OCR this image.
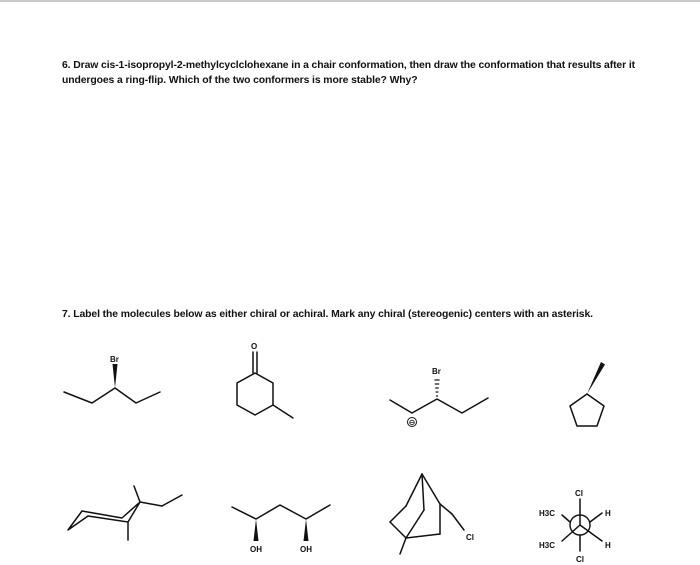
6. Draw cis-1-isopropyl-2-methylcyclclohexane in a chair conformation, then draw the conformation that results after it undergoes a ring-flip. Which of the two conformers is more stable? Why?
7. Label the molecules below as either chiral or achiral. Mark any chiral (stereogenic) centers with an asterisk.
Br
O
Br
⊖
OH	OH
Cl
Cl
H3C
H3C
H
H
Cl
